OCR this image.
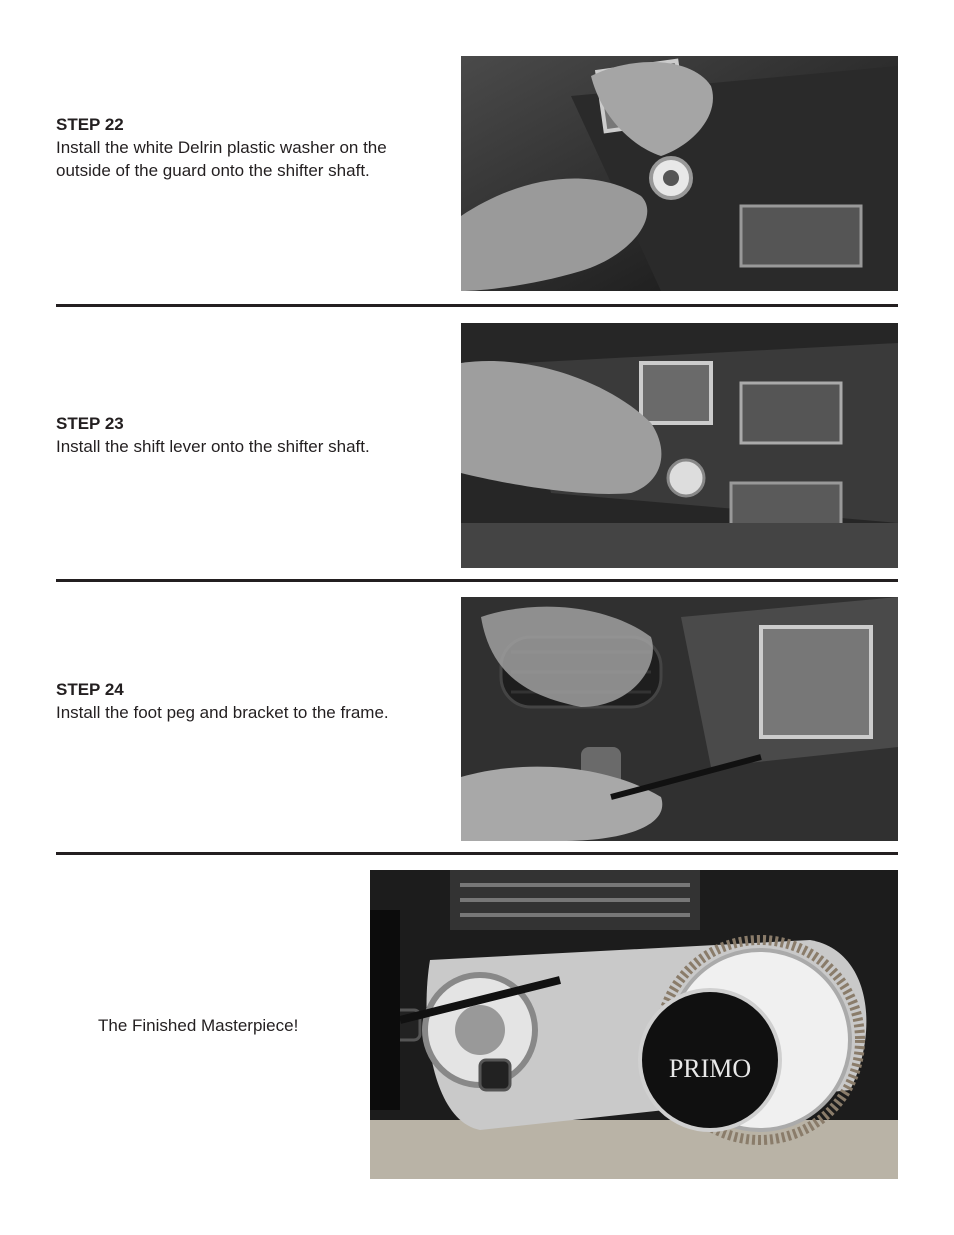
STEP 22
Install the white Delrin plastic washer on the outside of the guard onto the shifter shaft.
STEP 23
Install the shift lever onto the shifter shaft.
STEP 24
Install the foot peg and bracket to the frame.
The Finished Masterpiece!
PRIMO
